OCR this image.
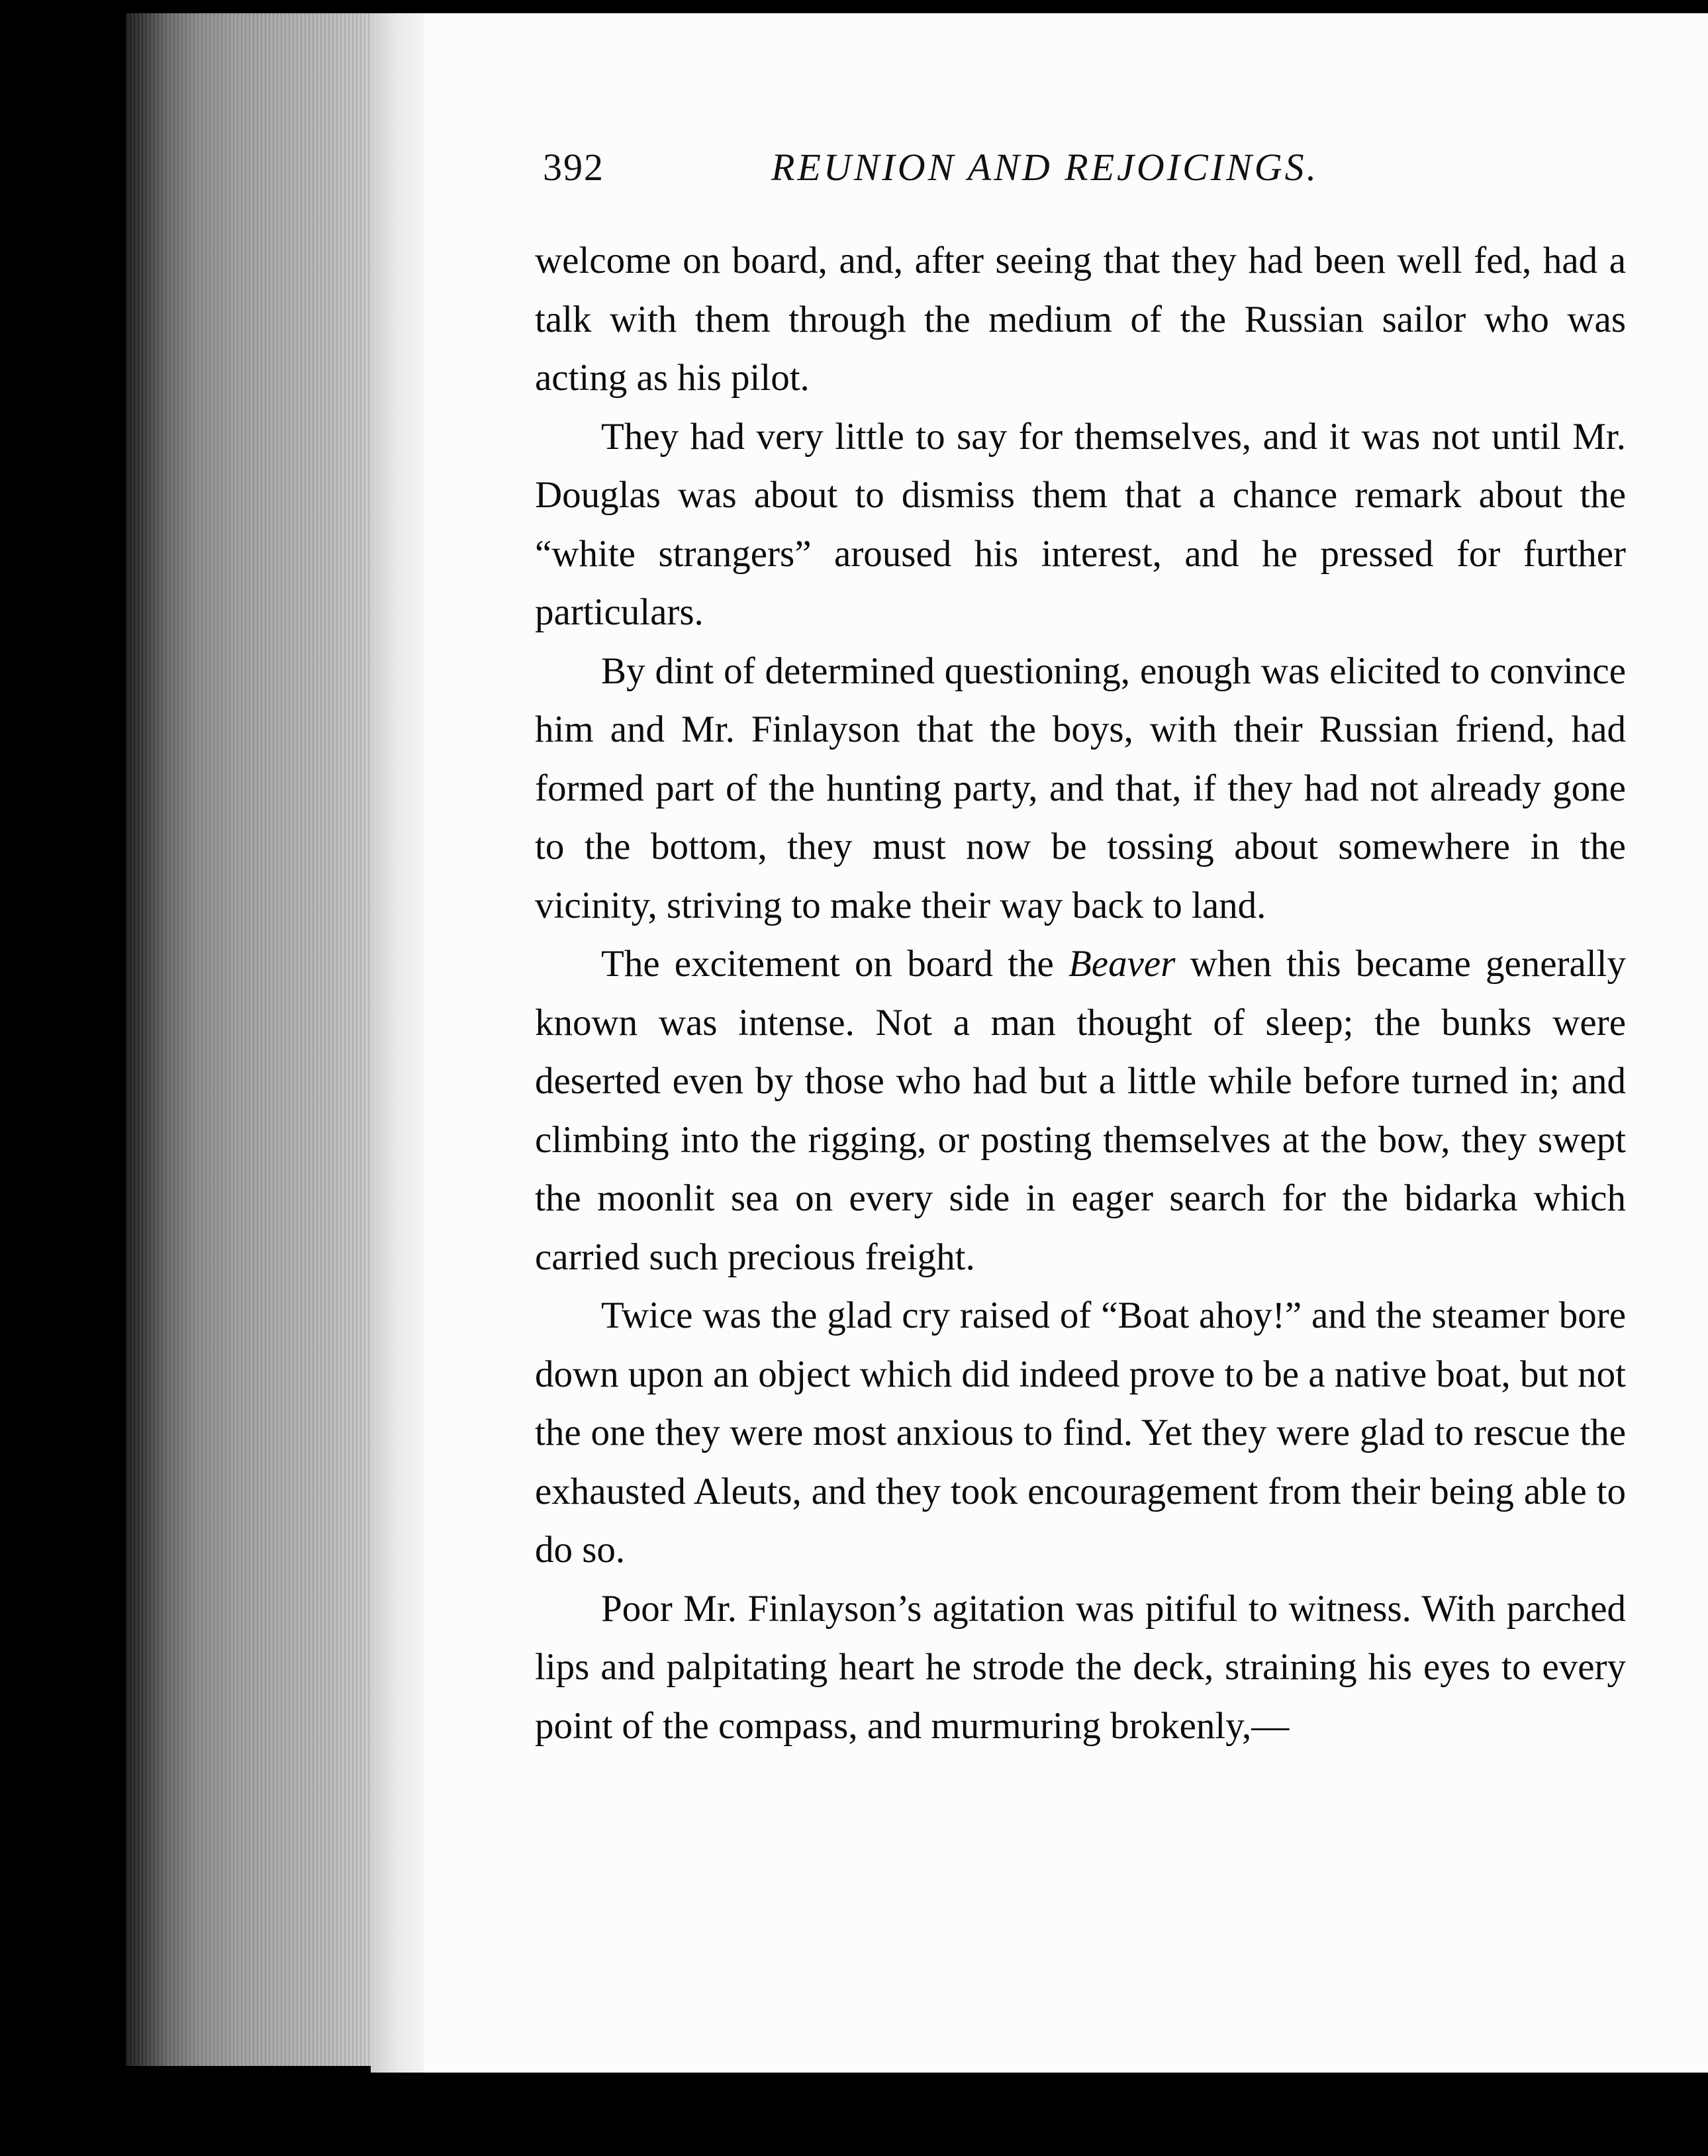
392	REUNION AND REJOICINGS.

welcome on board, and, after seeing that they had been well fed, had a talk with them through the medium of the Russian sailor who was acting as his pilot.

They had very little to say for themselves, and it was not until Mr. Douglas was about to dismiss them that a chance remark about the “white strangers” aroused his interest, and he pressed for further particulars.

By dint of determined questioning, enough was elicited to convince him and Mr. Finlayson that the boys, with their Russian friend, had formed part of the hunting party, and that, if they had not already gone to the bottom, they must now be tossing about somewhere in the vicinity, striving to make their way back to land.

The excitement on board the Beaver when this became generally known was intense. Not a man thought of sleep; the bunks were deserted even by those who had but a little while before turned in; and climbing into the rigging, or posting themselves at the bow, they swept the moonlit sea on every side in eager search for the bidarka which carried such precious freight.

Twice was the glad cry raised of “Boat ahoy!” and the steamer bore down upon an object which did indeed prove to be a native boat, but not the one they were most anxious to find. Yet they were glad to rescue the exhausted Aleuts, and they took encouragement from their being able to do so.

Poor Mr. Finlayson’s agitation was pitiful to witness. With parched lips and palpitating heart he strode the deck, straining his eyes to every point of the compass, and murmuring brokenly,—
